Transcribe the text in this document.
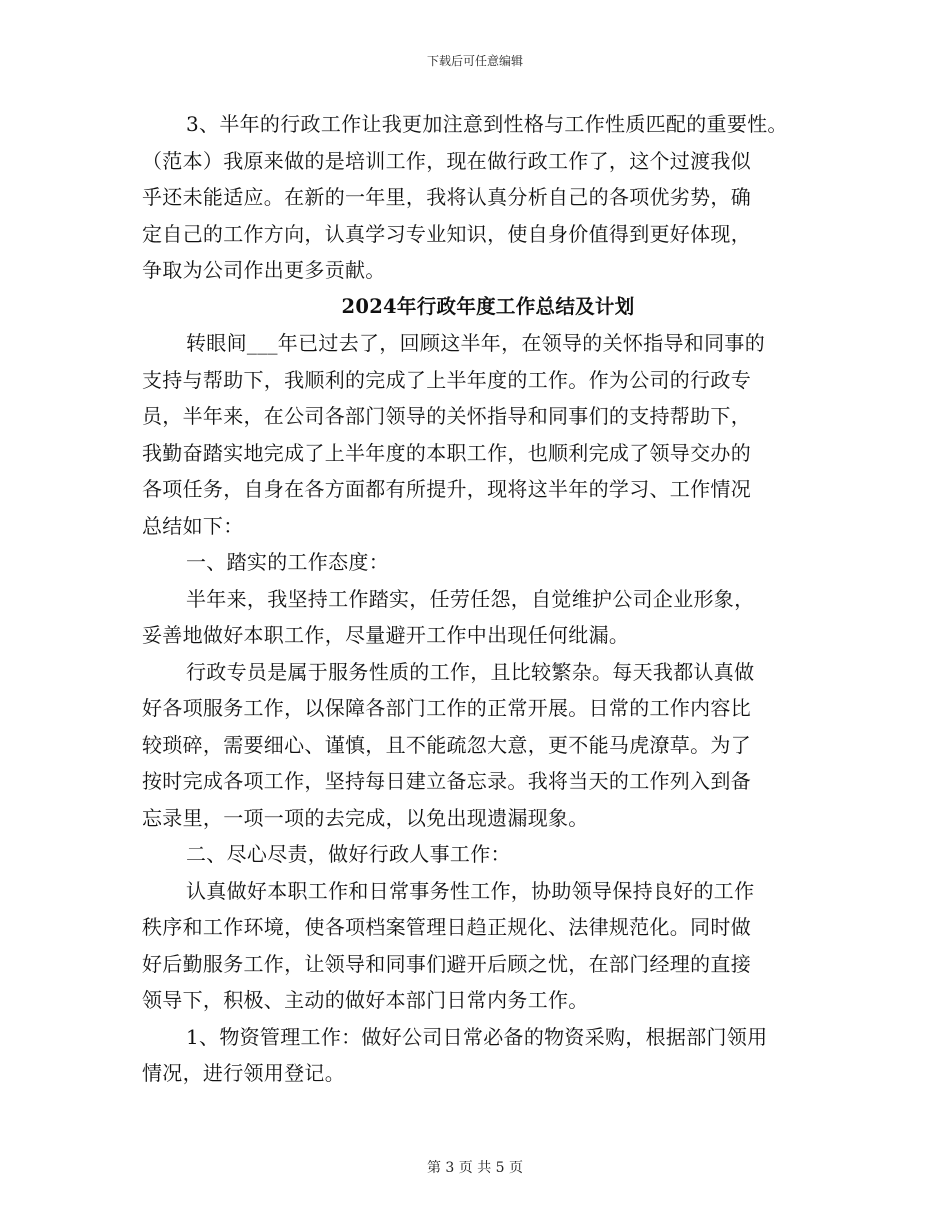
下载后可任意编辑
3、半年的行政工作让我更加注意到性格与工作性质匹配的重要性。
（范本）我原来做的是培训工作，现在做行政工作了，这个过渡我似
乎还未能适应。在新的一年里，我将认真分析自己的各项优劣势，确
定自己的工作方向，认真学习专业知识，使自身价值得到更好体现，
争取为公司作出更多贡献。
2024年行政年度工作总结及计划
转眼间___年已过去了，回顾这半年，在领导的关怀指导和同事的
支持与帮助下，我顺利的完成了上半年度的工作。作为公司的行政专
员，半年来，在公司各部门领导的关怀指导和同事们的支持帮助下，
我勤奋踏实地完成了上半年度的本职工作，也顺利完成了领导交办的
各项任务，自身在各方面都有所提升，现将这半年的学习、工作情况
总结如下：
一、踏实的工作态度：
半年来，我坚持工作踏实，任劳任怨，自觉维护公司企业形象，
妥善地做好本职工作，尽量避开工作中出现任何纰漏。
行政专员是属于服务性质的工作，且比较繁杂。每天我都认真做
好各项服务工作，以保障各部门工作的正常开展。日常的工作内容比
较琐碎，需要细心、谨慎，且不能疏忽大意，更不能马虎潦草。为了
按时完成各项工作，坚持每日建立备忘录。我将当天的工作列入到备
忘录里，一项一项的去完成，以免出现遗漏现象。
二、尽心尽责，做好行政人事工作：
认真做好本职工作和日常事务性工作，协助领导保持良好的工作
秩序和工作环境，使各项档案管理日趋正规化、法律规范化。同时做
好后勤服务工作，让领导和同事们避开后顾之忧，在部门经理的直接
领导下，积极、主动的做好本部门日常内务工作。
1、物资管理工作：做好公司日常必备的物资采购，根据部门领用
情况，进行领用登记。
第 3 页 共 5 页
